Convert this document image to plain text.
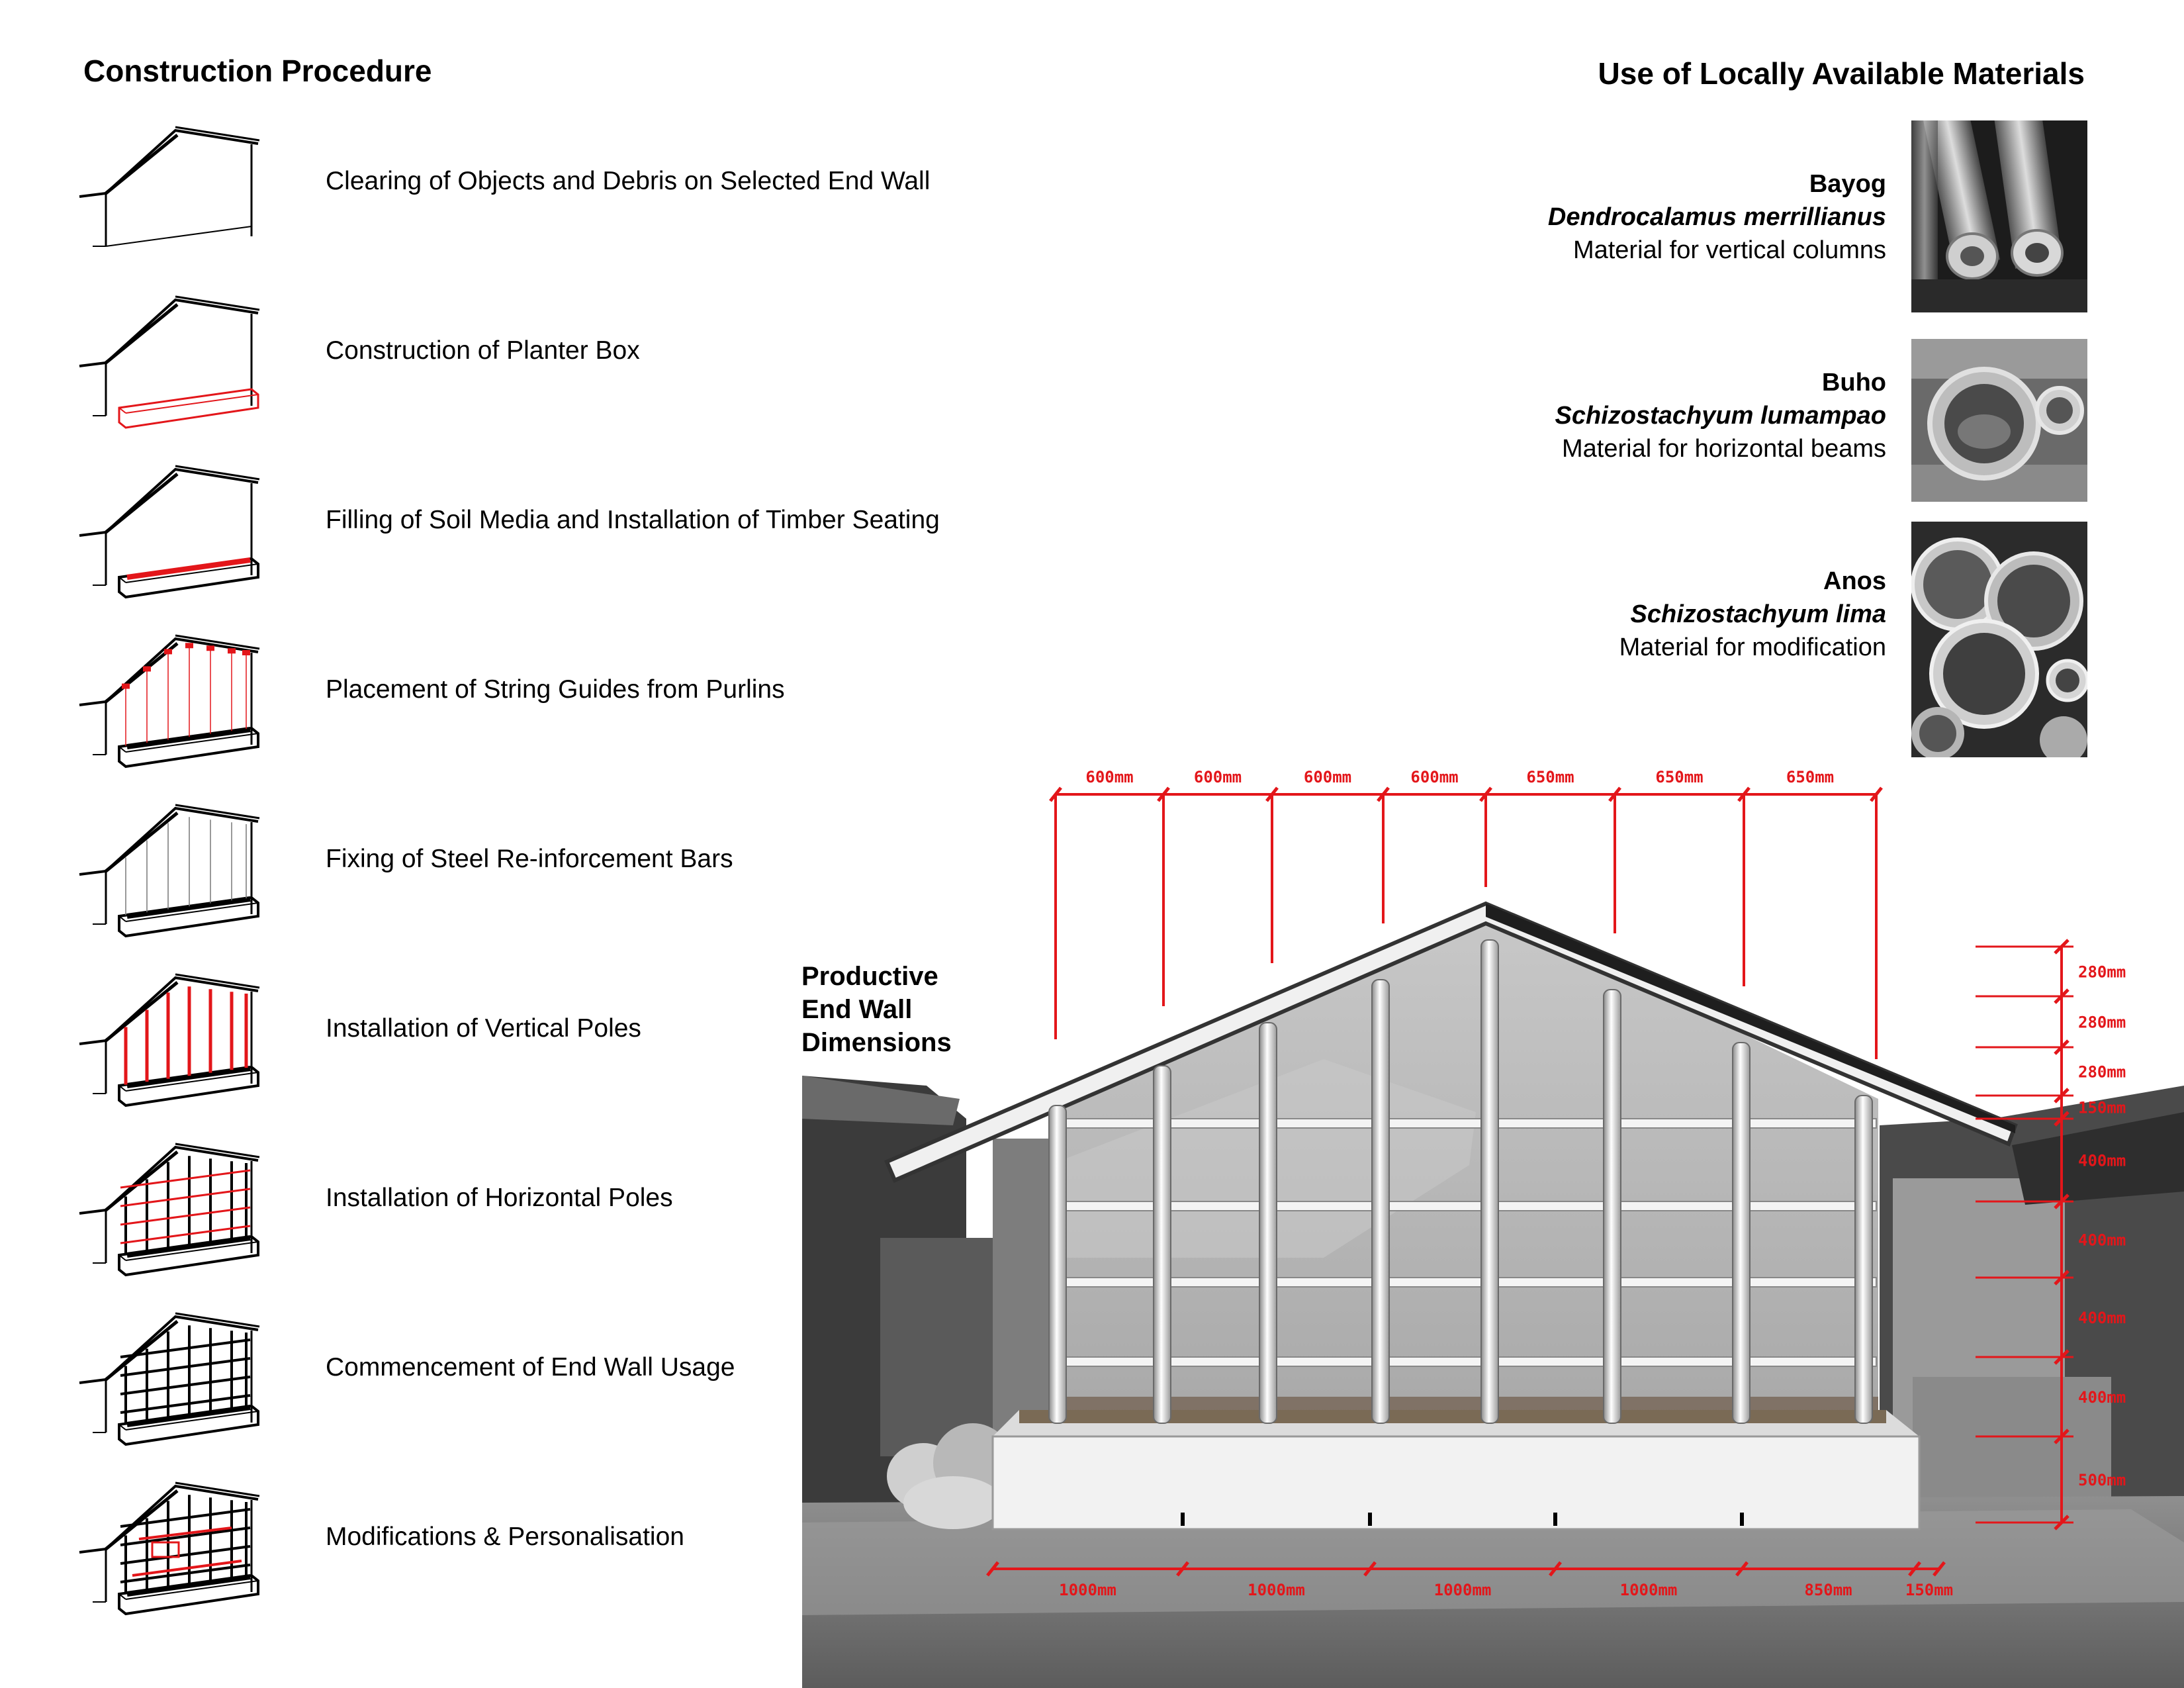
Construction Procedure
Clearing of Objects and Debris on Selected End Wall
Construction of Planter Box
Filling of Soil Media and Installation of Timber Seating
Placement of String Guides from Purlins
Fixing of Steel Re-inforcement Bars
Installation of Vertical Poles
Installation of Horizontal Poles
Commencement of End Wall Usage
Modifications & Personalisation
Use of Locally Available Materials
Bayog
Dendrocalamus merrillianus
Material for vertical columns
Buho
Schizostachyum lumampao
Material for horizontal beams
Anos
Schizostachyum lima
Material for modification
Productive
End Wall
Dimensions
600mm	600mm	600mm	600mm	650mm	650mm	650mm
1000mm	1000mm	1000mm	1000mm	850mm	150mm
280mm
280mm
280mm
150mm
400mm
400mm
400mm
400mm
500mm
